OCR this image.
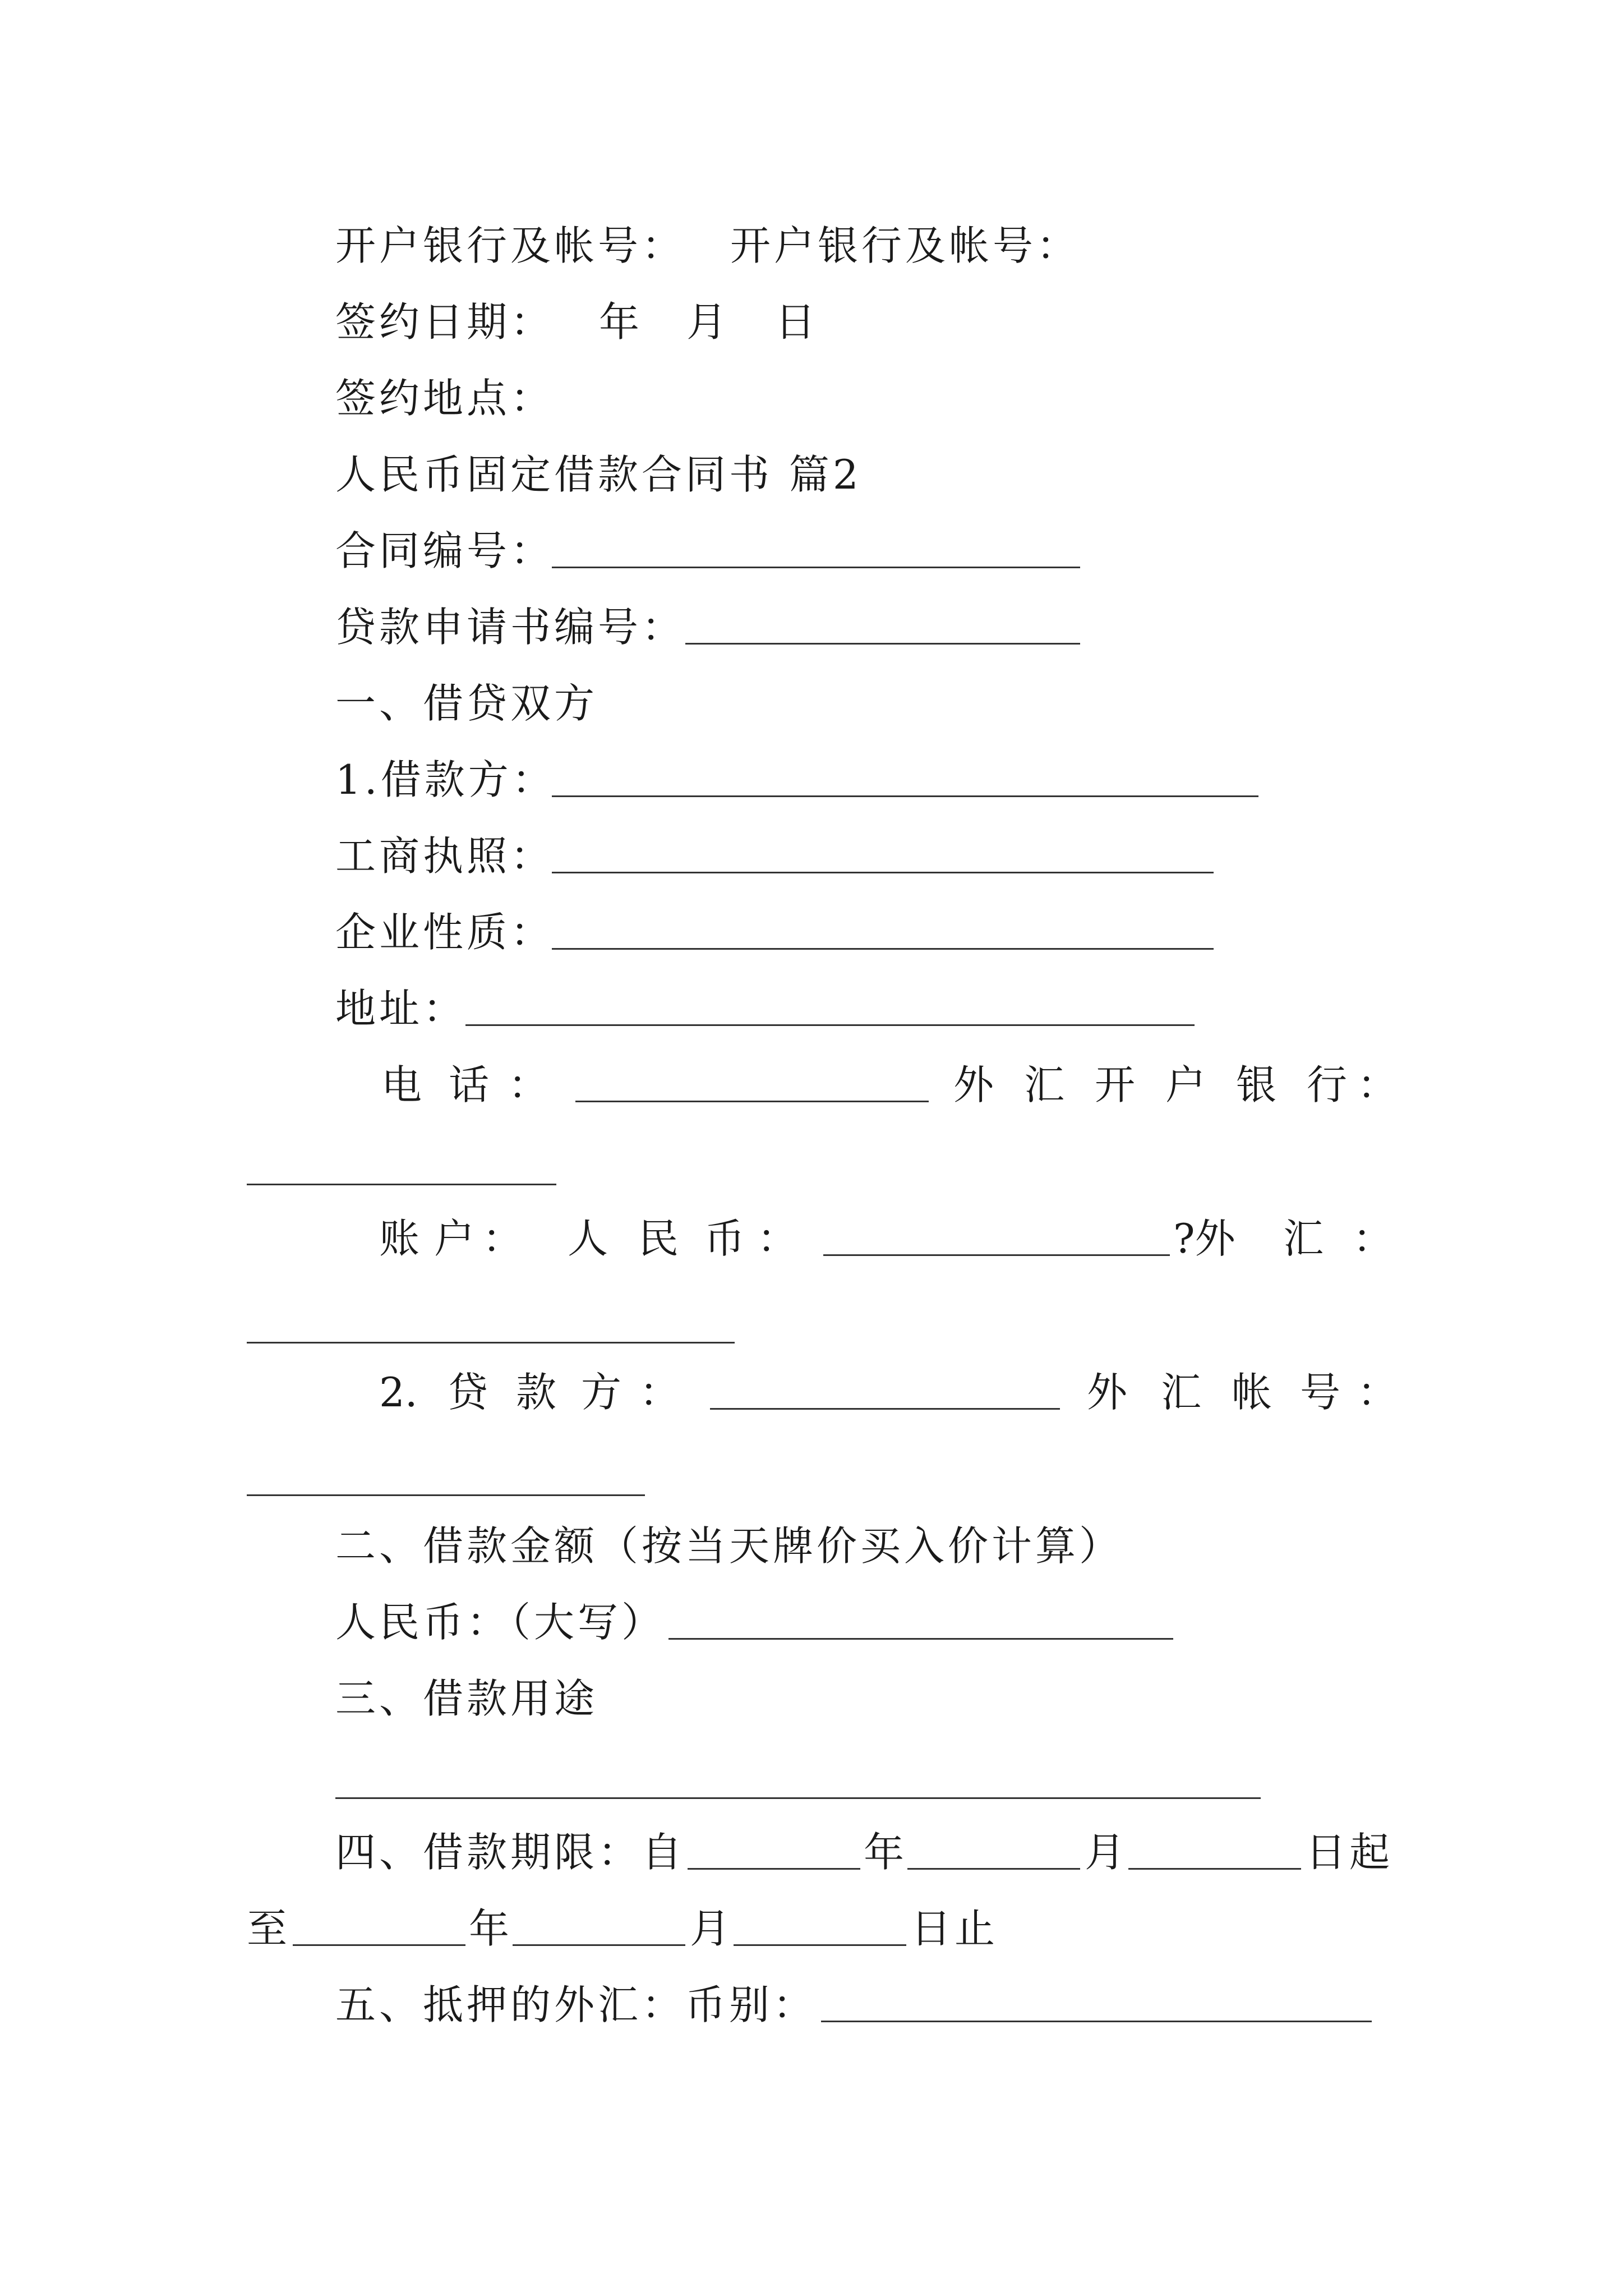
开户银行及帐号： 开户银行及帐号：
签约日期： 年 月 日
签约地点：
人民币固定借款合同书 篇2
合同编号：
贷款申请书编号：
一、借贷双方
1.借款方：
工商执照：
企业性质：
地址：
电 话 ：	外 汇 开 户 银 行 ：
账 户 ： 人 民 币 ：	?外 汇 ：
2. 贷 款 方 ：	外 汇 帐 号 ：
二、借款金额（按当天牌价买入价计算）
人民币：（大写）
三、借款用途
四、借款期限：自	年	月	日起
至	年	月	日止
五、抵押的外汇：币别：
